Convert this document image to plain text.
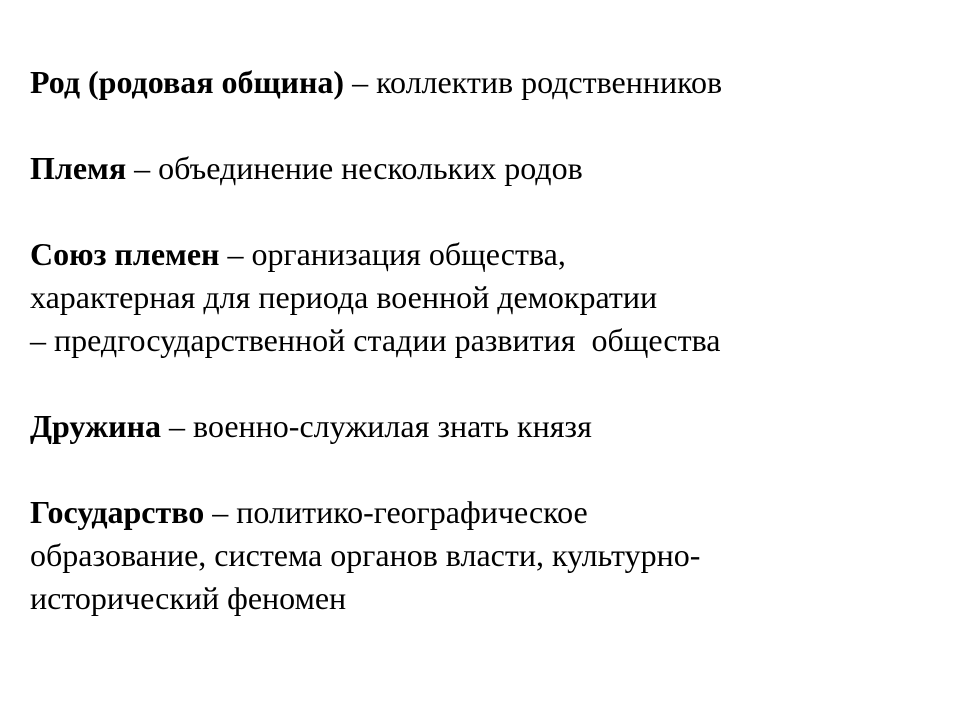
Род (родовая община) – коллектив родственников

Племя – объединение нескольких родов

Союз племен – организация общества,
характерная для периода военной демократии
– предгосударственной стадии развития  общества

Дружина – военно-служилая знать князя

Государство – политико-географическое
образование, система органов власти, культурно-
исторический феномен
